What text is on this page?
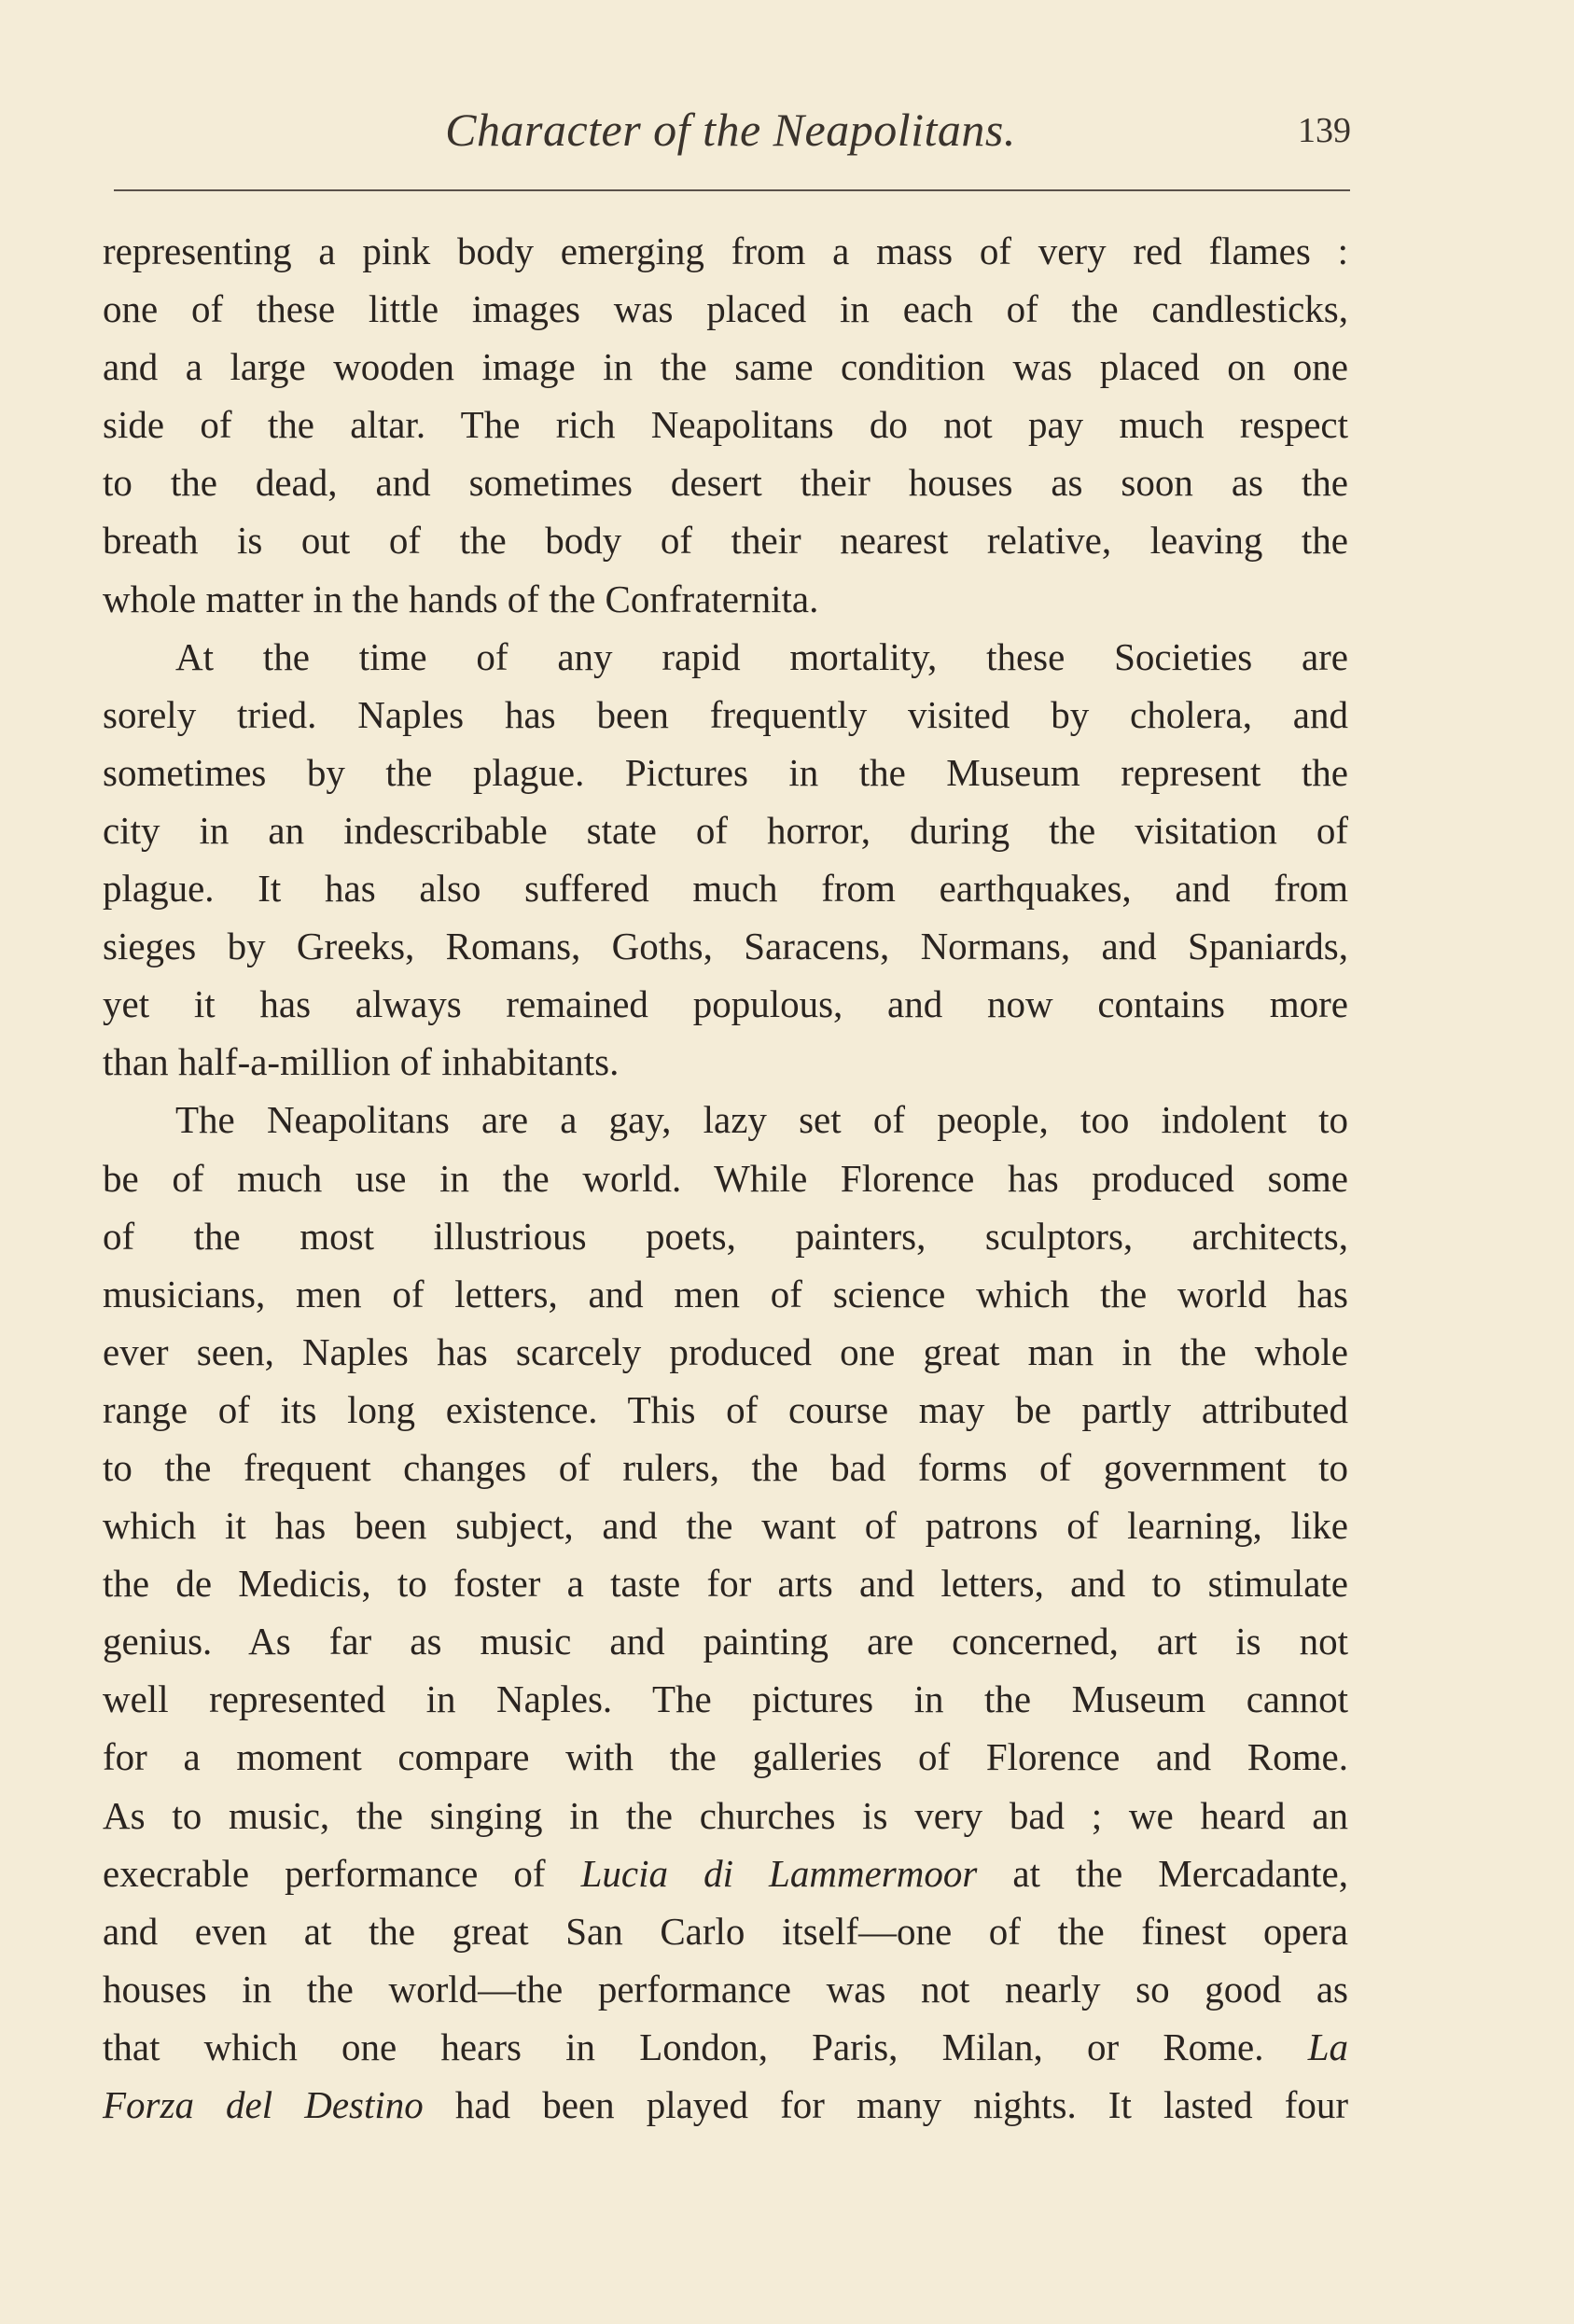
Character of the Neapolitans.	139
representing a pink body emerging from a mass of very red flames :
one of these little images was placed in each of the candlesticks,
and a large wooden image in the same condition was placed on one
side of the altar. The rich Neapolitans do not pay much respect
to the dead, and sometimes desert their houses as soon as the
breath is out of the body of their nearest relative, leaving the
whole matter in the hands of the Confraternita.
At the time of any rapid mortality, these Societies are
sorely tried. Naples has been frequently visited by cholera, and
sometimes by the plague. Pictures in the Museum represent the
city in an indescribable state of horror, during the visitation of
plague. It has also suffered much from earthquakes, and from
sieges by Greeks, Romans, Goths, Saracens, Normans, and Spaniards,
yet it has always remained populous, and now contains more
than half-a-million of inhabitants.
The Neapolitans are a gay, lazy set of people, too indolent to
be of much use in the world. While Florence has produced some
of the most illustrious poets, painters, sculptors, architects,
musicians, men of letters, and men of science which the world has
ever seen, Naples has scarcely produced one great man in the whole
range of its long existence. This of course may be partly attributed
to the frequent changes of rulers, the bad forms of government to
which it has been subject, and the want of patrons of learning, like
the de Medicis, to foster a taste for arts and letters, and to stimulate
genius. As far as music and painting are concerned, art is not
well represented in Naples. The pictures in the Museum cannot
for a moment compare with the galleries of Florence and Rome.
As to music, the singing in the churches is very bad ; we heard an
execrable performance of Lucia di Lammermoor at the Mercadante,
and even at the great San Carlo itself—one of the finest opera
houses in the world—the performance was not nearly so good as
that which one hears in London, Paris, Milan, or Rome. La
Forza del Destino had been played for many nights. It lasted four
